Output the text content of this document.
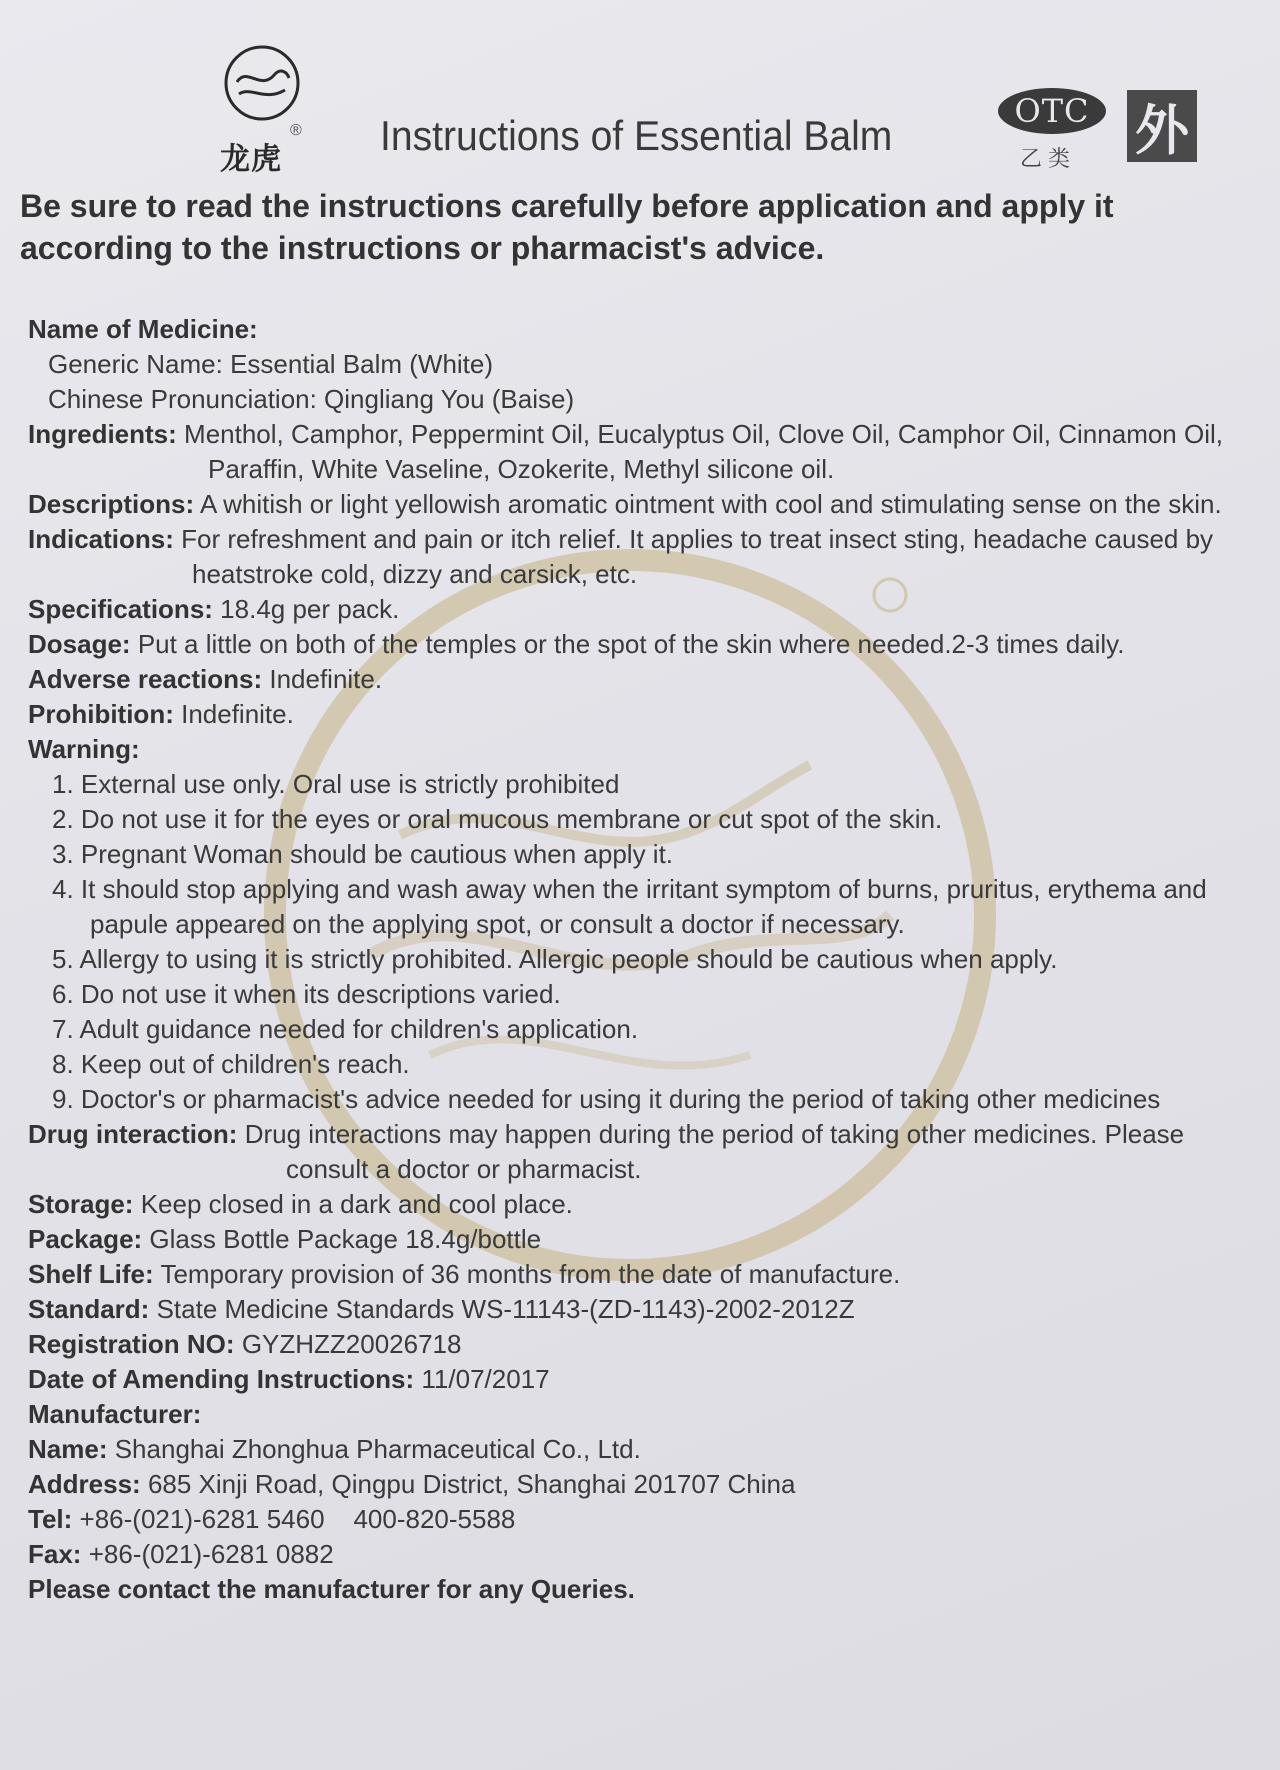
®
龙虎
Instructions of Essential Balm
OTC
乙类 外

Be sure to read the instructions carefully before application and apply it according to the instructions or pharmacist's advice.

Name of Medicine:

Generic Name: Essential Balm (White)

Chinese Pronunciation: Qingliang You (Baise)

Ingredients: Menthol, Camphor, Peppermint Oil, Eucalyptus Oil, Clove Oil, Camphor Oil, Cinnamon Oil, Paraffin, White Vaseline, Ozokerite, Methyl silicone oil.

Descriptions: A whitish or light yellowish aromatic ointment with cool and stimulating sense on the skin.

Indications: For refreshment and pain or itch relief. It applies to treat insect sting, headache caused by heatstroke cold, dizzy and carsick, etc.

Specifications: 18.4g per pack.

Dosage: Put a little on both of the temples or the spot of the skin where needed.2-3 times daily.

Adverse reactions: Indefinite.

Prohibition: Indefinite.

Warning:

1. External use only. Oral use is strictly prohibited
2. Do not use it for the eyes or oral mucous membrane or cut spot of the skin.
3. Pregnant Woman should be cautious when apply it.
4. It should stop applying and wash away when the irritant symptom of burns, pruritus, erythema and papule appeared on the applying spot, or consult a doctor if necessary.
5. Allergy to using it is strictly prohibited. Allergic people should be cautious when apply.
6. Do not use it when its descriptions varied.
7. Adult guidance needed for children's application.
8. Keep out of children's reach.
9. Doctor's or pharmacist's advice needed for using it during the period of taking other medicines

Drug interaction: Drug interactions may happen during the period of taking other medicines. Please consult a doctor or pharmacist.

Storage: Keep closed in a dark and cool place.

Package: Glass Bottle Package 18.4g/bottle

Shelf Life: Temporary provision of 36 months from the date of manufacture.

Standard: State Medicine Standards WS-11143-(ZD-1143)-2002-2012Z

Registration NO: GYZHZZ20026718

Date of Amending Instructions: 11/07/2017

Manufacturer:

Name: Shanghai Zhonghua Pharmaceutical Co., Ltd.

Address: 685 Xinji Road, Qingpu District, Shanghai 201707 China

Tel: +86-(021)-6281 5460    400-820-5588

Fax: +86-(021)-6281 0882

Please contact the manufacturer for any Queries.
